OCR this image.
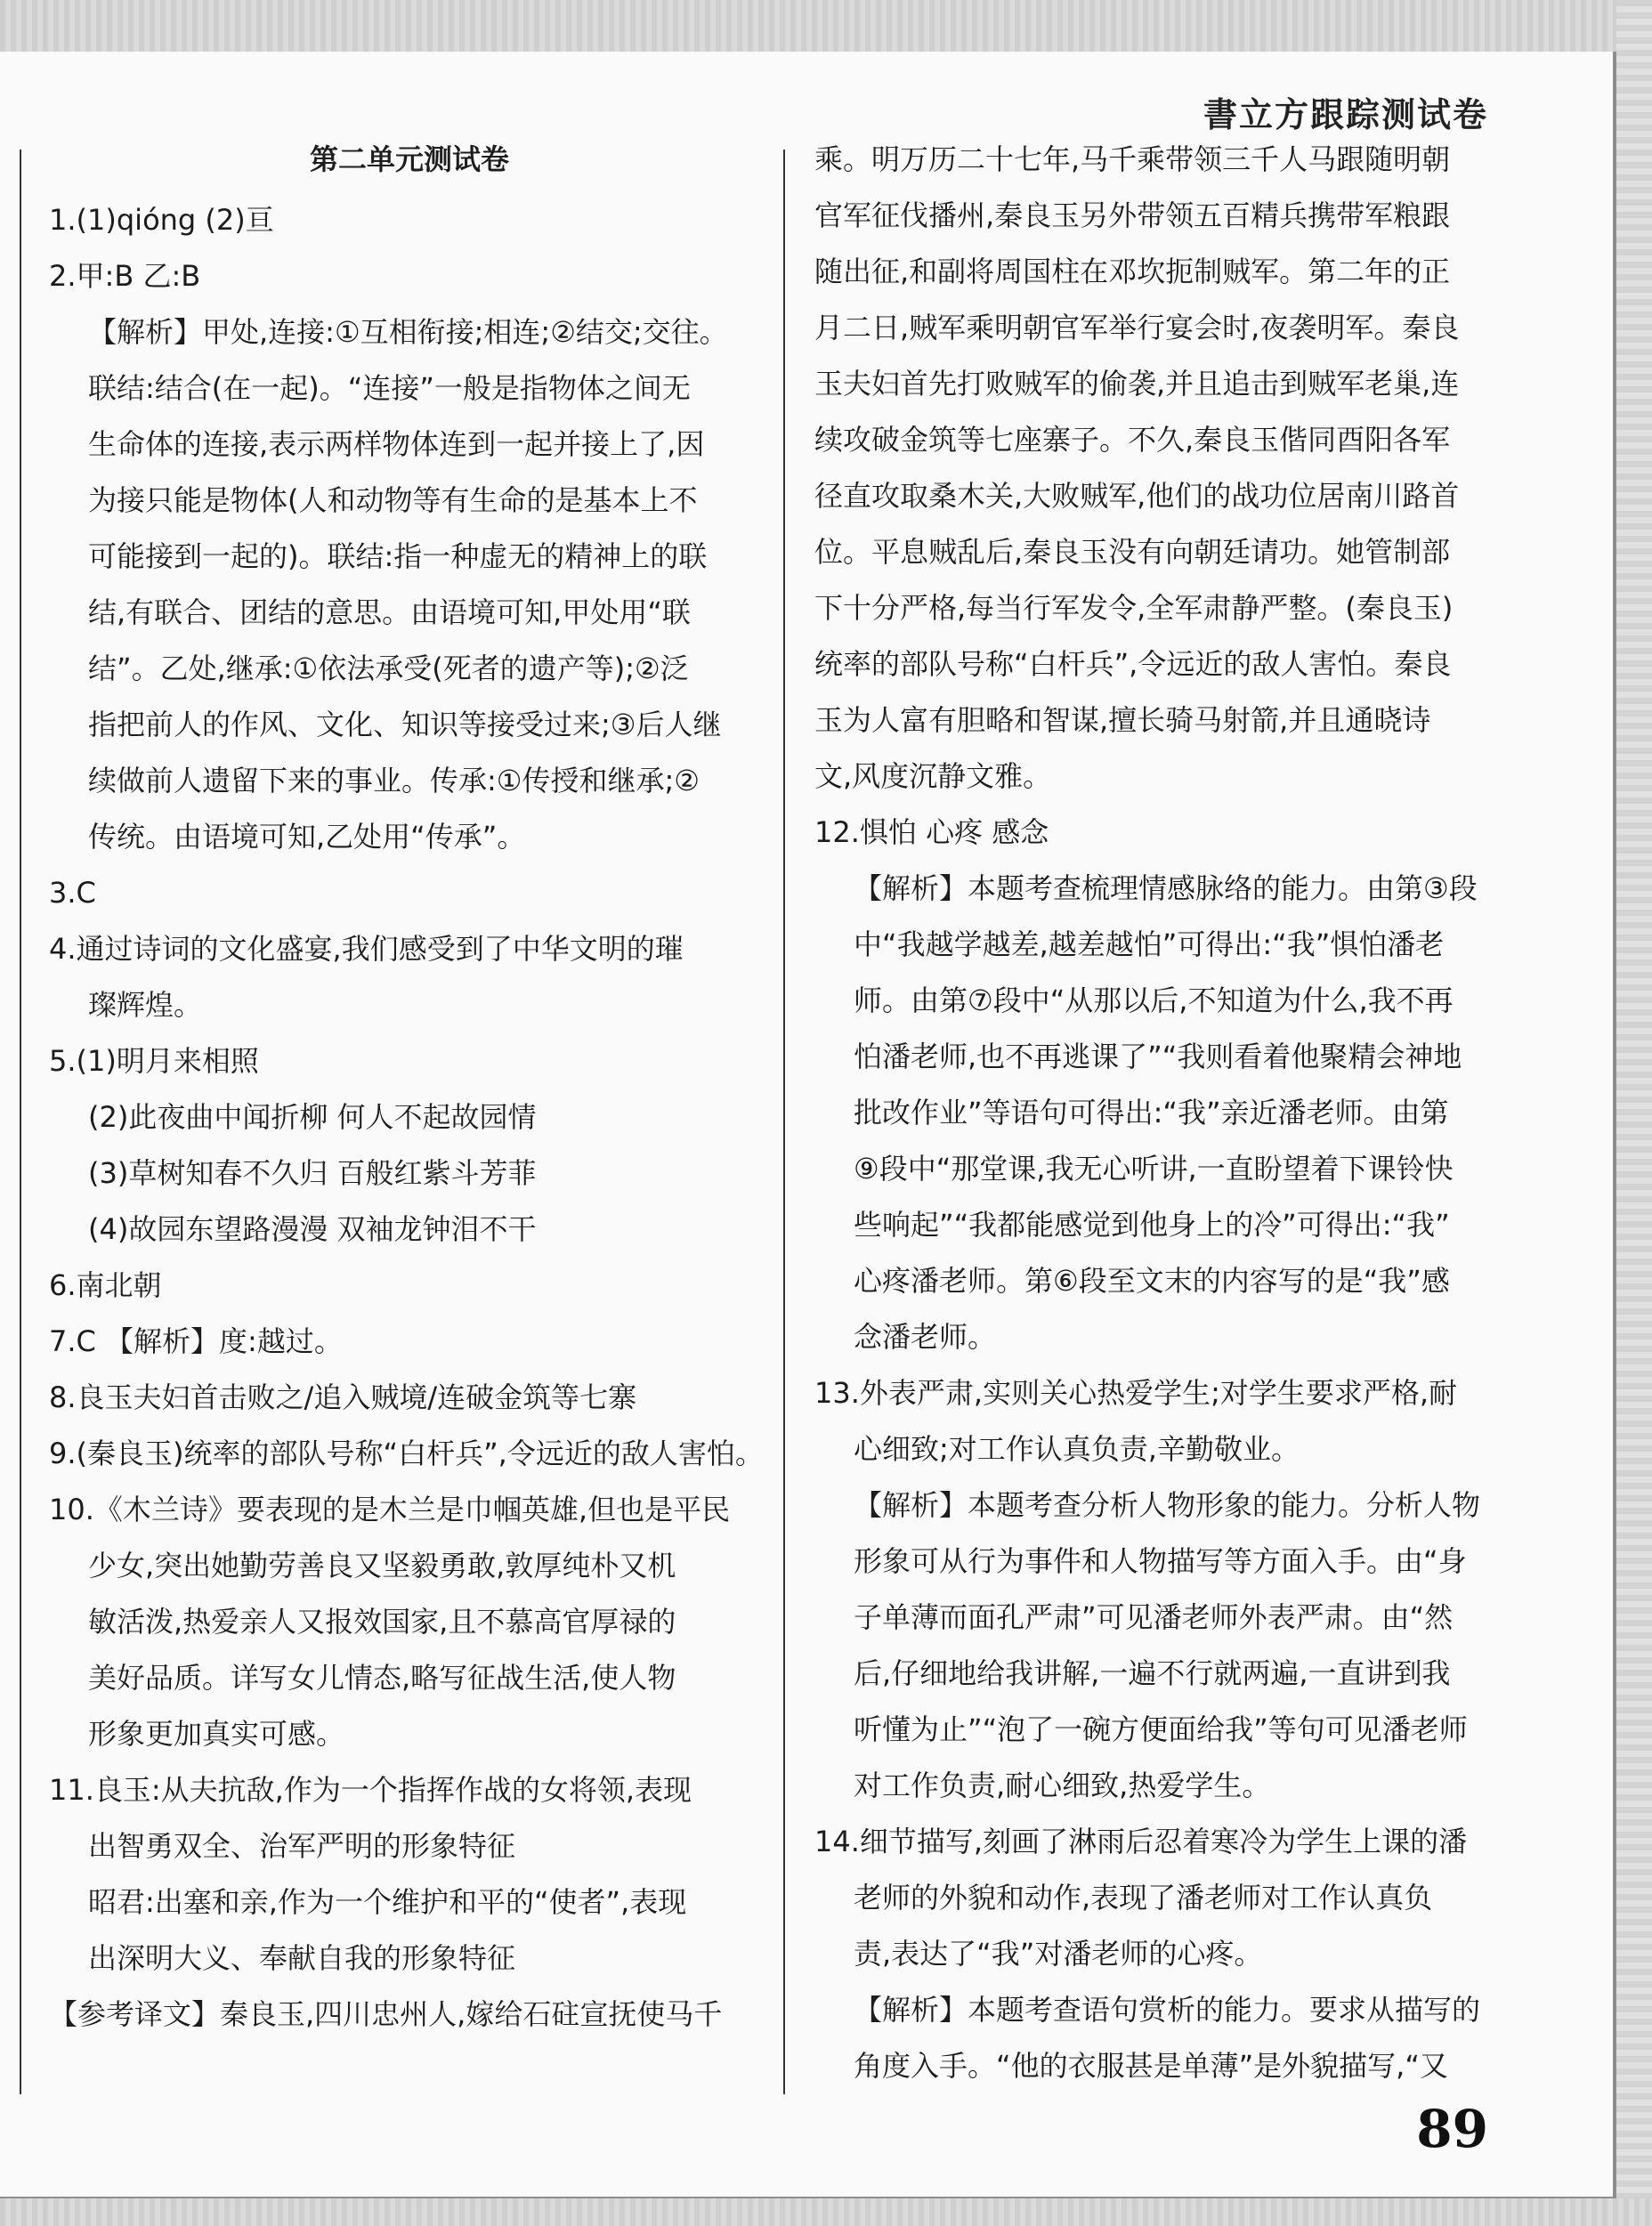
書立方跟踪测试卷
第二单元测试卷
1.(1)qióng (2)亘
2.甲:B 乙:B
【解析】甲处,连接:①互相衔接;相连;②结交;交往。
联结:结合(在一起)。“连接”一般是指物体之间无
生命体的连接,表示两样物体连到一起并接上了,因
为接只能是物体(人和动物等有生命的是基本上不
可能接到一起的)。联结:指一种虚无的精神上的联
结,有联合、团结的意思。由语境可知,甲处用“联
结”。乙处,继承:①依法承受(死者的遗产等);②泛
指把前人的作风、文化、知识等接受过来;③后人继
续做前人遗留下来的事业。传承:①传授和继承;②
传统。由语境可知,乙处用“传承”。
3.C
4.通过诗词的文化盛宴,我们感受到了中华文明的璀
璨辉煌。
5.(1)明月来相照
(2)此夜曲中闻折柳 何人不起故园情
(3)草树知春不久归 百般红紫斗芳菲
(4)故园东望路漫漫 双袖龙钟泪不干
6.南北朝
7.C 【解析】度:越过。
8.良玉夫妇首击败之/追入贼境/连破金筑等七寨
9.(秦良玉)统率的部队号称“白杆兵”,令远近的敌人害怕。
10.《木兰诗》要表现的是木兰是巾帼英雄,但也是平民
少女,突出她勤劳善良又坚毅勇敢,敦厚纯朴又机
敏活泼,热爱亲人又报效国家,且不慕高官厚禄的
美好品质。详写女儿情态,略写征战生活,使人物
形象更加真实可感。
11.良玉:从夫抗敌,作为一个指挥作战的女将领,表现
出智勇双全、治军严明的形象特征
昭君:出塞和亲,作为一个维护和平的“使者”,表现
出深明大义、奉献自我的形象特征
【参考译文】秦良玉,四川忠州人,嫁给石砫宣抚使马千
乘。明万历二十七年,马千乘带领三千人马跟随明朝
官军征伐播州,秦良玉另外带领五百精兵携带军粮跟
随出征,和副将周国柱在邓坎扼制贼军。第二年的正
月二日,贼军乘明朝官军举行宴会时,夜袭明军。秦良
玉夫妇首先打败贼军的偷袭,并且追击到贼军老巢,连
续攻破金筑等七座寨子。不久,秦良玉偕同酉阳各军
径直攻取桑木关,大败贼军,他们的战功位居南川路首
位。平息贼乱后,秦良玉没有向朝廷请功。她管制部
下十分严格,每当行军发令,全军肃静严整。(秦良玉)
统率的部队号称“白杆兵”,令远近的敌人害怕。秦良
玉为人富有胆略和智谋,擅长骑马射箭,并且通晓诗
文,风度沉静文雅。
12.惧怕 心疼 感念
【解析】本题考查梳理情感脉络的能力。由第③段
中“我越学越差,越差越怕”可得出:“我”惧怕潘老
师。由第⑦段中“从那以后,不知道为什么,我不再
怕潘老师,也不再逃课了”“我则看着他聚精会神地
批改作业”等语句可得出:“我”亲近潘老师。由第
⑨段中“那堂课,我无心听讲,一直盼望着下课铃快
些响起”“我都能感觉到他身上的冷”可得出:“我”
心疼潘老师。第⑥段至文末的内容写的是“我”感
念潘老师。
13.外表严肃,实则关心热爱学生;对学生要求严格,耐
心细致;对工作认真负责,辛勤敬业。
【解析】本题考查分析人物形象的能力。分析人物
形象可从行为事件和人物描写等方面入手。由“身
子单薄而面孔严肃”可见潘老师外表严肃。由“然
后,仔细地给我讲解,一遍不行就两遍,一直讲到我
听懂为止”“泡了一碗方便面给我”等句可见潘老师
对工作负责,耐心细致,热爱学生。
14.细节描写,刻画了淋雨后忍着寒冷为学生上课的潘
老师的外貌和动作,表现了潘老师对工作认真负
责,表达了“我”对潘老师的心疼。
【解析】本题考查语句赏析的能力。要求从描写的
角度入手。“他的衣服甚是单薄”是外貌描写,“又
89
